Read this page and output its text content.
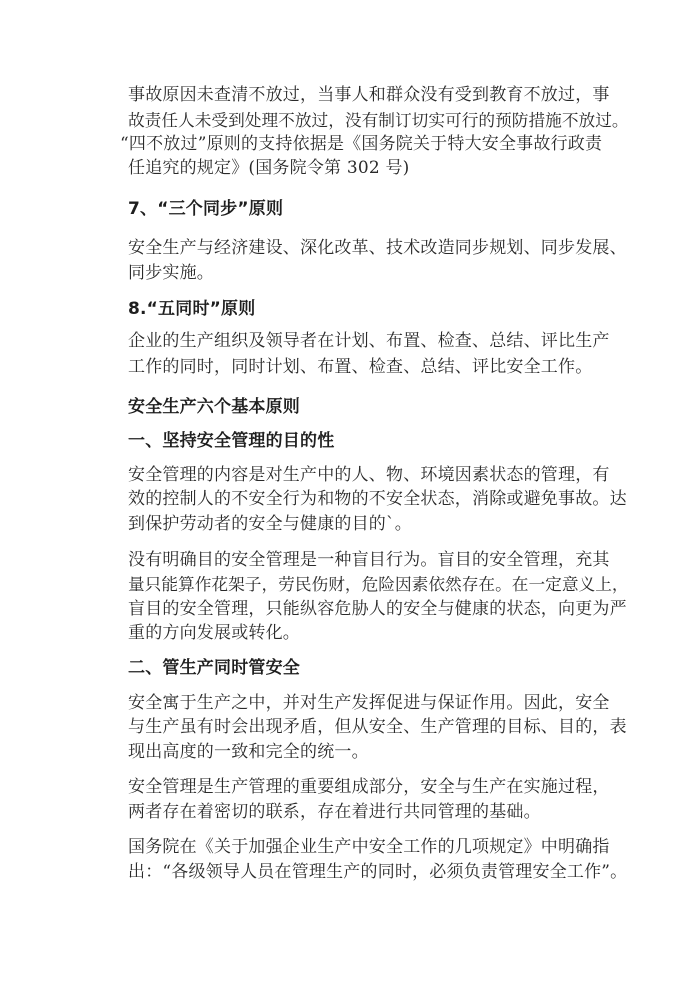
事故原因未查清不放过，当事人和群众没有受到教育不放过，事
故责任人未受到处理不放过，没有制订切实可行的预防措施不放过。
“四不放过”原则的支持依据是《国务院关于特大安全事故行政责
任追究的规定》(国务院令第 302 号)
7、“三个同步”原则
安全生产与经济建设、深化改革、技术改造同步规划、同步发展、
同步实施。
8.“五同时”原则
企业的生产组织及领导者在计划、布置、检查、总结、评比生产
工作的同时，同时计划、布置、检查、总结、评比安全工作。
安全生产六个基本原则
一、坚持安全管理的目的性
安全管理的内容是对生产中的人、物、环境因素状态的管理，有
效的控制人的不安全行为和物的不安全状态，消除或避免事故。达
到保护劳动者的安全与健康的目的`。
没有明确目的安全管理是一种盲目行为。盲目的安全管理，充其
量只能算作花架子，劳民伤财，危险因素依然存在。在一定意义上，
盲目的安全管理，只能纵容危胁人的安全与健康的状态，向更为严
重的方向发展或转化。
二、管生产同时管安全
安全寓于生产之中，并对生产发挥促进与保证作用。因此，安全
与生产虽有时会出现矛盾，但从安全、生产管理的目标、目的，表
现出高度的一致和完全的统一。
安全管理是生产管理的重要组成部分，安全与生产在实施过程，
两者存在着密切的联系，存在着进行共同管理的基础。
国务院在《关于加强企业生产中安全工作的几项规定》中明确指
出：“各级领导人员在管理生产的同时，必须负责管理安全工作”。
